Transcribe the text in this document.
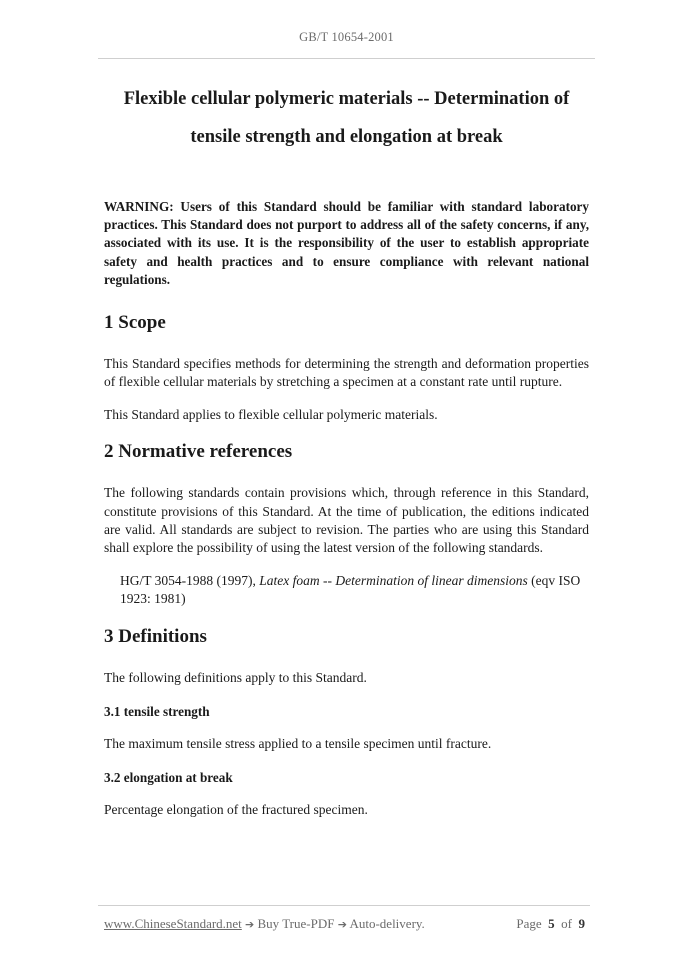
GB/T 10654-2001
Flexible cellular polymeric materials -- Determination of
tensile strength and elongation at break

WARNING: Users of this Standard should be familiar with standard laboratory practices. This Standard does not purport to address all of the safety concerns, if any, associated with its use. It is the responsibility of the user to establish appropriate safety and health practices and to ensure compliance with relevant national regulations.

1 Scope

This Standard specifies methods for determining the strength and deformation properties of flexible cellular materials by stretching a specimen at a constant rate until rupture.

This Standard applies to flexible cellular polymeric materials.

2 Normative references

The following standards contain provisions which, through reference in this Standard, constitute provisions of this Standard. At the time of publication, the editions indicated are valid. All standards are subject to revision. The parties who are using this Standard shall explore the possibility of using the latest version of the following standards.

HG/T 3054-1988 (1997), Latex foam -- Determination of linear dimensions (eqv ISO 1923: 1981)

3 Definitions

The following definitions apply to this Standard.

3.1 tensile strength

The maximum tensile stress applied to a tensile specimen until fracture.

3.2 elongation at break

Percentage elongation of the fractured specimen.

www.ChineseStandard.net ➔ Buy True-PDF ➔ Auto-delivery.	Page 5 of 9
